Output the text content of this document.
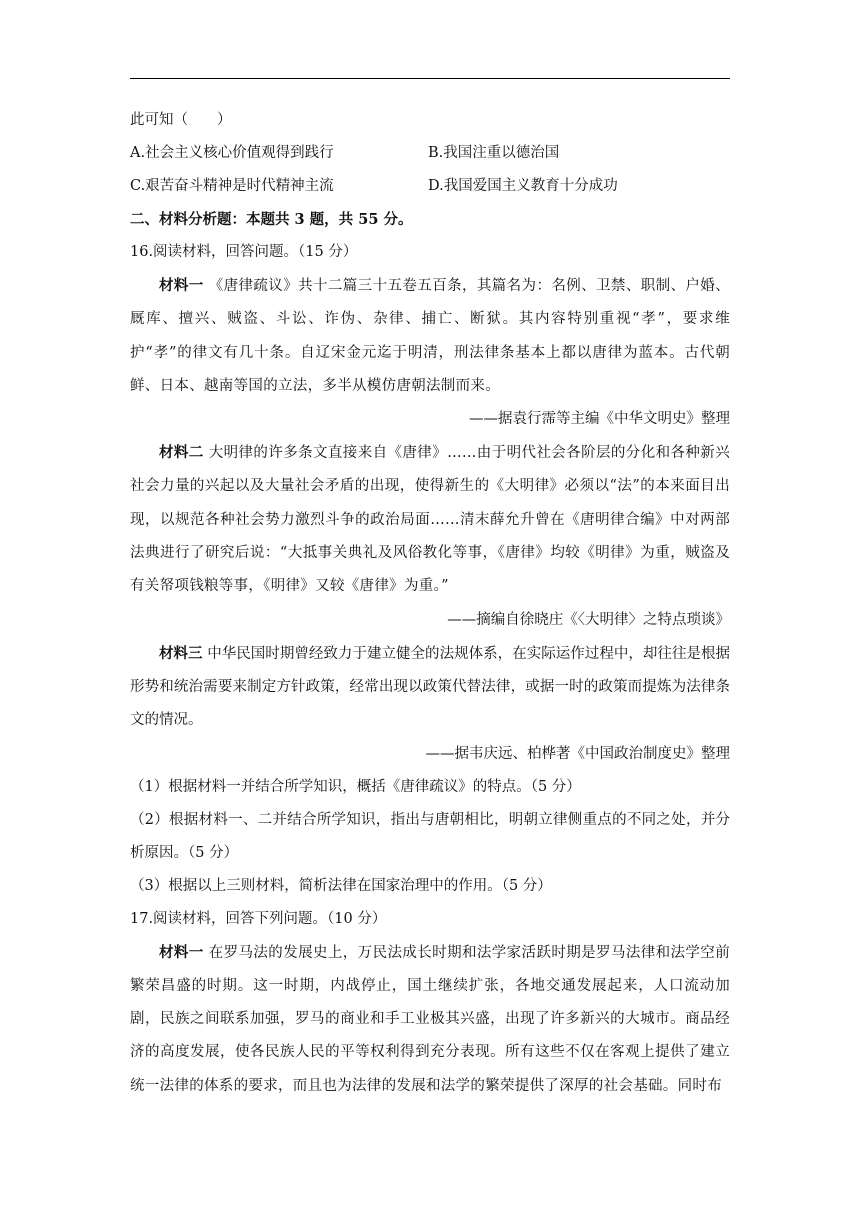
此可知（　　）
A.社会主义核心价值观得到践行	B.我国注重以德治国
C.艰苦奋斗精神是时代精神主流	D.我国爱国主义教育十分成功
二、材料分析题：本题共 3 题，共 55 分。
16.阅读材料，回答问题。（15 分）
材料一 《唐律疏议》共十二篇三十五卷五百条，其篇名为：名例、卫禁、职制、户婚、厩库、擅兴、贼盗、斗讼、诈伪、杂律、捕亡、断狱。其内容特别重视“孝”，要求维护“孝”的律文有几十条。自辽宋金元迄于明清，刑法律条基本上都以唐律为蓝本。古代朝鲜、日本、越南等国的立法，多半从模仿唐朝法制而来。
——据袁行霈等主编《中华文明史》整理
材料二 大明律的许多条文直接来自《唐律》……由于明代社会各阶层的分化和各种新兴社会力量的兴起以及大量社会矛盾的出现，使得新生的《大明律》必须以“法”的本来面目出现，以规范各种社会势力激烈斗争的政治局面……清末薛允升曾在《唐明律合编》中对两部法典进行了研究后说：“大抵事关典礼及风俗教化等事，《唐律》均较《明律》为重，贼盗及有关帑项钱粮等事，《明律》又较《唐律》为重。”
——摘编自徐晓庄《〈大明律〉之特点琐谈》
材料三 中华民国时期曾经致力于建立健全的法规体系，在实际运作过程中，却往往是根据形势和统治需要来制定方针政策，经常出现以政策代替法律，或据一时的政策而提炼为法律条文的情况。
——据韦庆远、柏桦著《中国政治制度史》整理
（1）根据材料一并结合所学知识，概括《唐律疏议》的特点。（5 分）
（2）根据材料一、二并结合所学知识，指出与唐朝相比，明朝立律侧重点的不同之处，并分析原因。（5 分）
（3）根据以上三则材料，简析法律在国家治理中的作用。（5 分）
17.阅读材料，回答下列问题。（10 分）
材料一 在罗马法的发展史上，万民法成长时期和法学家活跃时期是罗马法律和法学空前繁荣昌盛的时期。这一时期，内战停止，国土继续扩张，各地交通发展起来，人口流动加剧，民族之间联系加强，罗马的商业和手工业极其兴盛，出现了许多新兴的大城市。商品经济的高度发展，使各民族人民的平等权利得到充分表现。所有这些不仅在客观上提供了建立统一法律的体系的要求，而且也为法律的发展和法学的繁荣提供了深厚的社会基础。同时布
